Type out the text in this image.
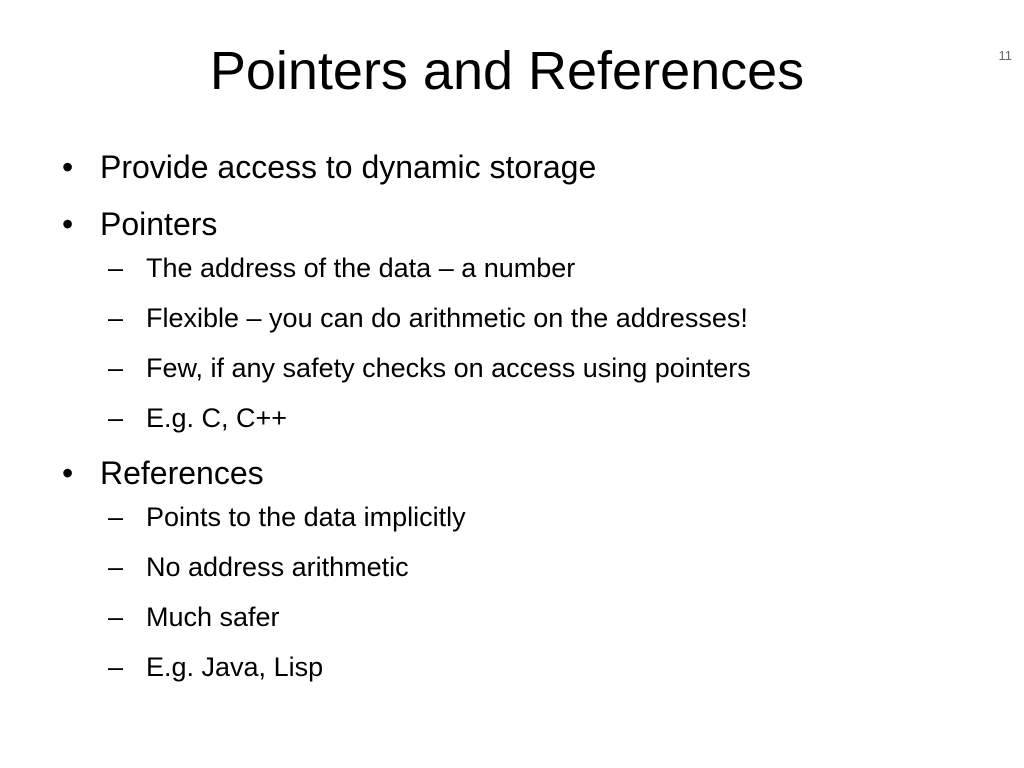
Pointers and References	11
• Provide access to dynamic storage
• Pointers
– The address of the data – a number
– Flexible – you can do arithmetic on the addresses!
– Few, if any safety checks on access using pointers
– E.g. C, C++
• References
– Points to the data implicitly
– No address arithmetic
– Much safer
– E.g. Java, Lisp
